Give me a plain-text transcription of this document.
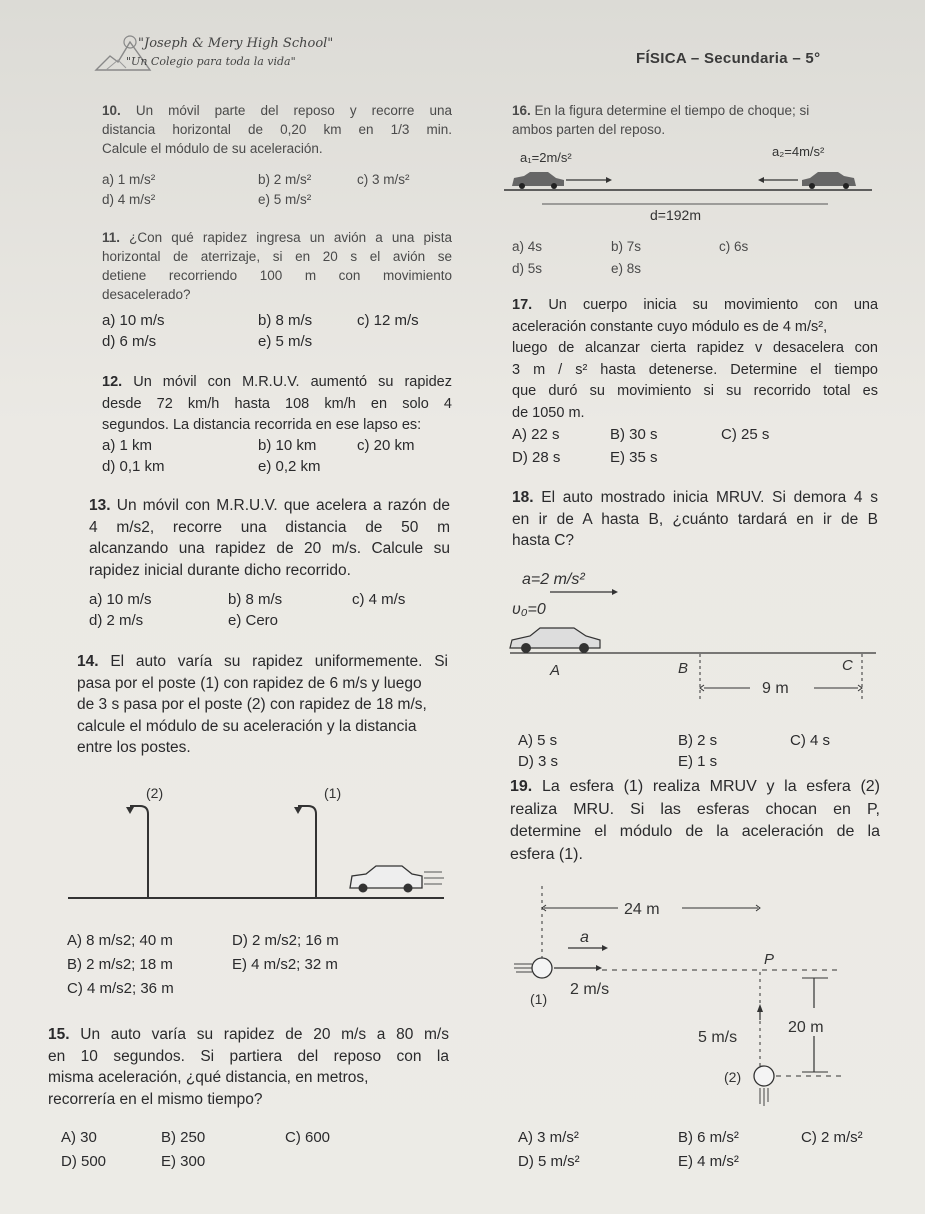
"Joseph & Mery High School"
"Un Colegio para toda la vida"	FÍSICA – Secundaria – 5°
10. Un móvil parte del reposo y recorre una
distancia horizontal de 0,20 km en 1/3 min.
Calcule el módulo de su aceleración.
a) 1 m/s²	b) 2 m/s²	c) 3 m/s²
d) 4 m/s²	e) 5 m/s²
11. ¿Con qué rapidez ingresa un avión a una pista
horizontal de aterrizaje, si en 20 s el avión se
detiene recorriendo 100 m con movimiento
desacelerado?
a) 10 m/s	b) 8 m/s	c) 12 m/s
d) 6 m/s	e) 5 m/s
12. Un móvil con M.R.U.V. aumentó su rapidez
desde 72 km/h hasta 108 km/h en solo 4
segundos. La distancia recorrida en ese lapso es:
a) 1 km	b) 10 km	c) 20 km
d) 0,1 km	e) 0,2 km
13. Un móvil con M.R.U.V. que acelera a razón de
4 m/s2, recorre una distancia de 50 m
alcanzando una rapidez de 20 m/s. Calcule su
rapidez inicial durante dicho recorrido.
a) 10 m/s	b) 8 m/s	c) 4 m/s
d) 2 m/s	e) Cero
14. El auto varía su rapidez uniformemente. Si
pasa por el poste (1) con rapidez de 6 m/s y luego
de 3 s pasa por el poste (2) con rapidez de 18 m/s,
calcule el módulo de su aceleración y la distancia
entre los postes.
(2)	(1)
A) 8 m/s2; 40 m	D) 2 m/s2; 16 m
B) 2 m/s2; 18 m	E) 4 m/s2; 32 m
C) 4 m/s2; 36 m
15. Un auto varía su rapidez de 20 m/s a 80 m/s
en 10 segundos. Si partiera del reposo con la
misma aceleración, ¿qué distancia, en metros,
recorrería en el mismo tiempo?
A) 30	B) 250	C) 600
D) 500	E) 300
16. En la figura determine el tiempo de choque; si
ambos parten del reposo.
a₁=2m/s²	a₂=4m/s²
d=192m
a) 4s	b) 7s	c) 6s
d) 5s	e) 8s
17. Un cuerpo inicia su movimiento con una
aceleración constante cuyo módulo es de 4 m/s²,
luego de alcanzar cierta rapidez v desacelera con
3 m / s² hasta detenerse. Determine el tiempo
que duró su movimiento si su recorrido total es
de 1050 m.
A) 22 s	B) 30 s	C) 25 s
D) 28 s	E) 35 s
18. El auto mostrado inicia MRUV. Si demora 4 s
en ir de A hasta B, ¿cuánto tardará en ir de B
hasta C?
a=2 m/s²
υ₀=0
A	B	C
9 m
A) 5 s	B) 2 s	C) 4 s
D) 3 s	E) 1 s
19. La esfera (1) realiza MRUV y la esfera (2)
realiza MRU. Si las esferas chocan en P,
determine el módulo de la aceleración de la
esfera (1).
24 m
a
(1)
2 m/s
P
20 m
5 m/s
(2)
A) 3 m/s²	B) 6 m/s²	C) 2 m/s²
D) 5 m/s²	E) 4 m/s²
